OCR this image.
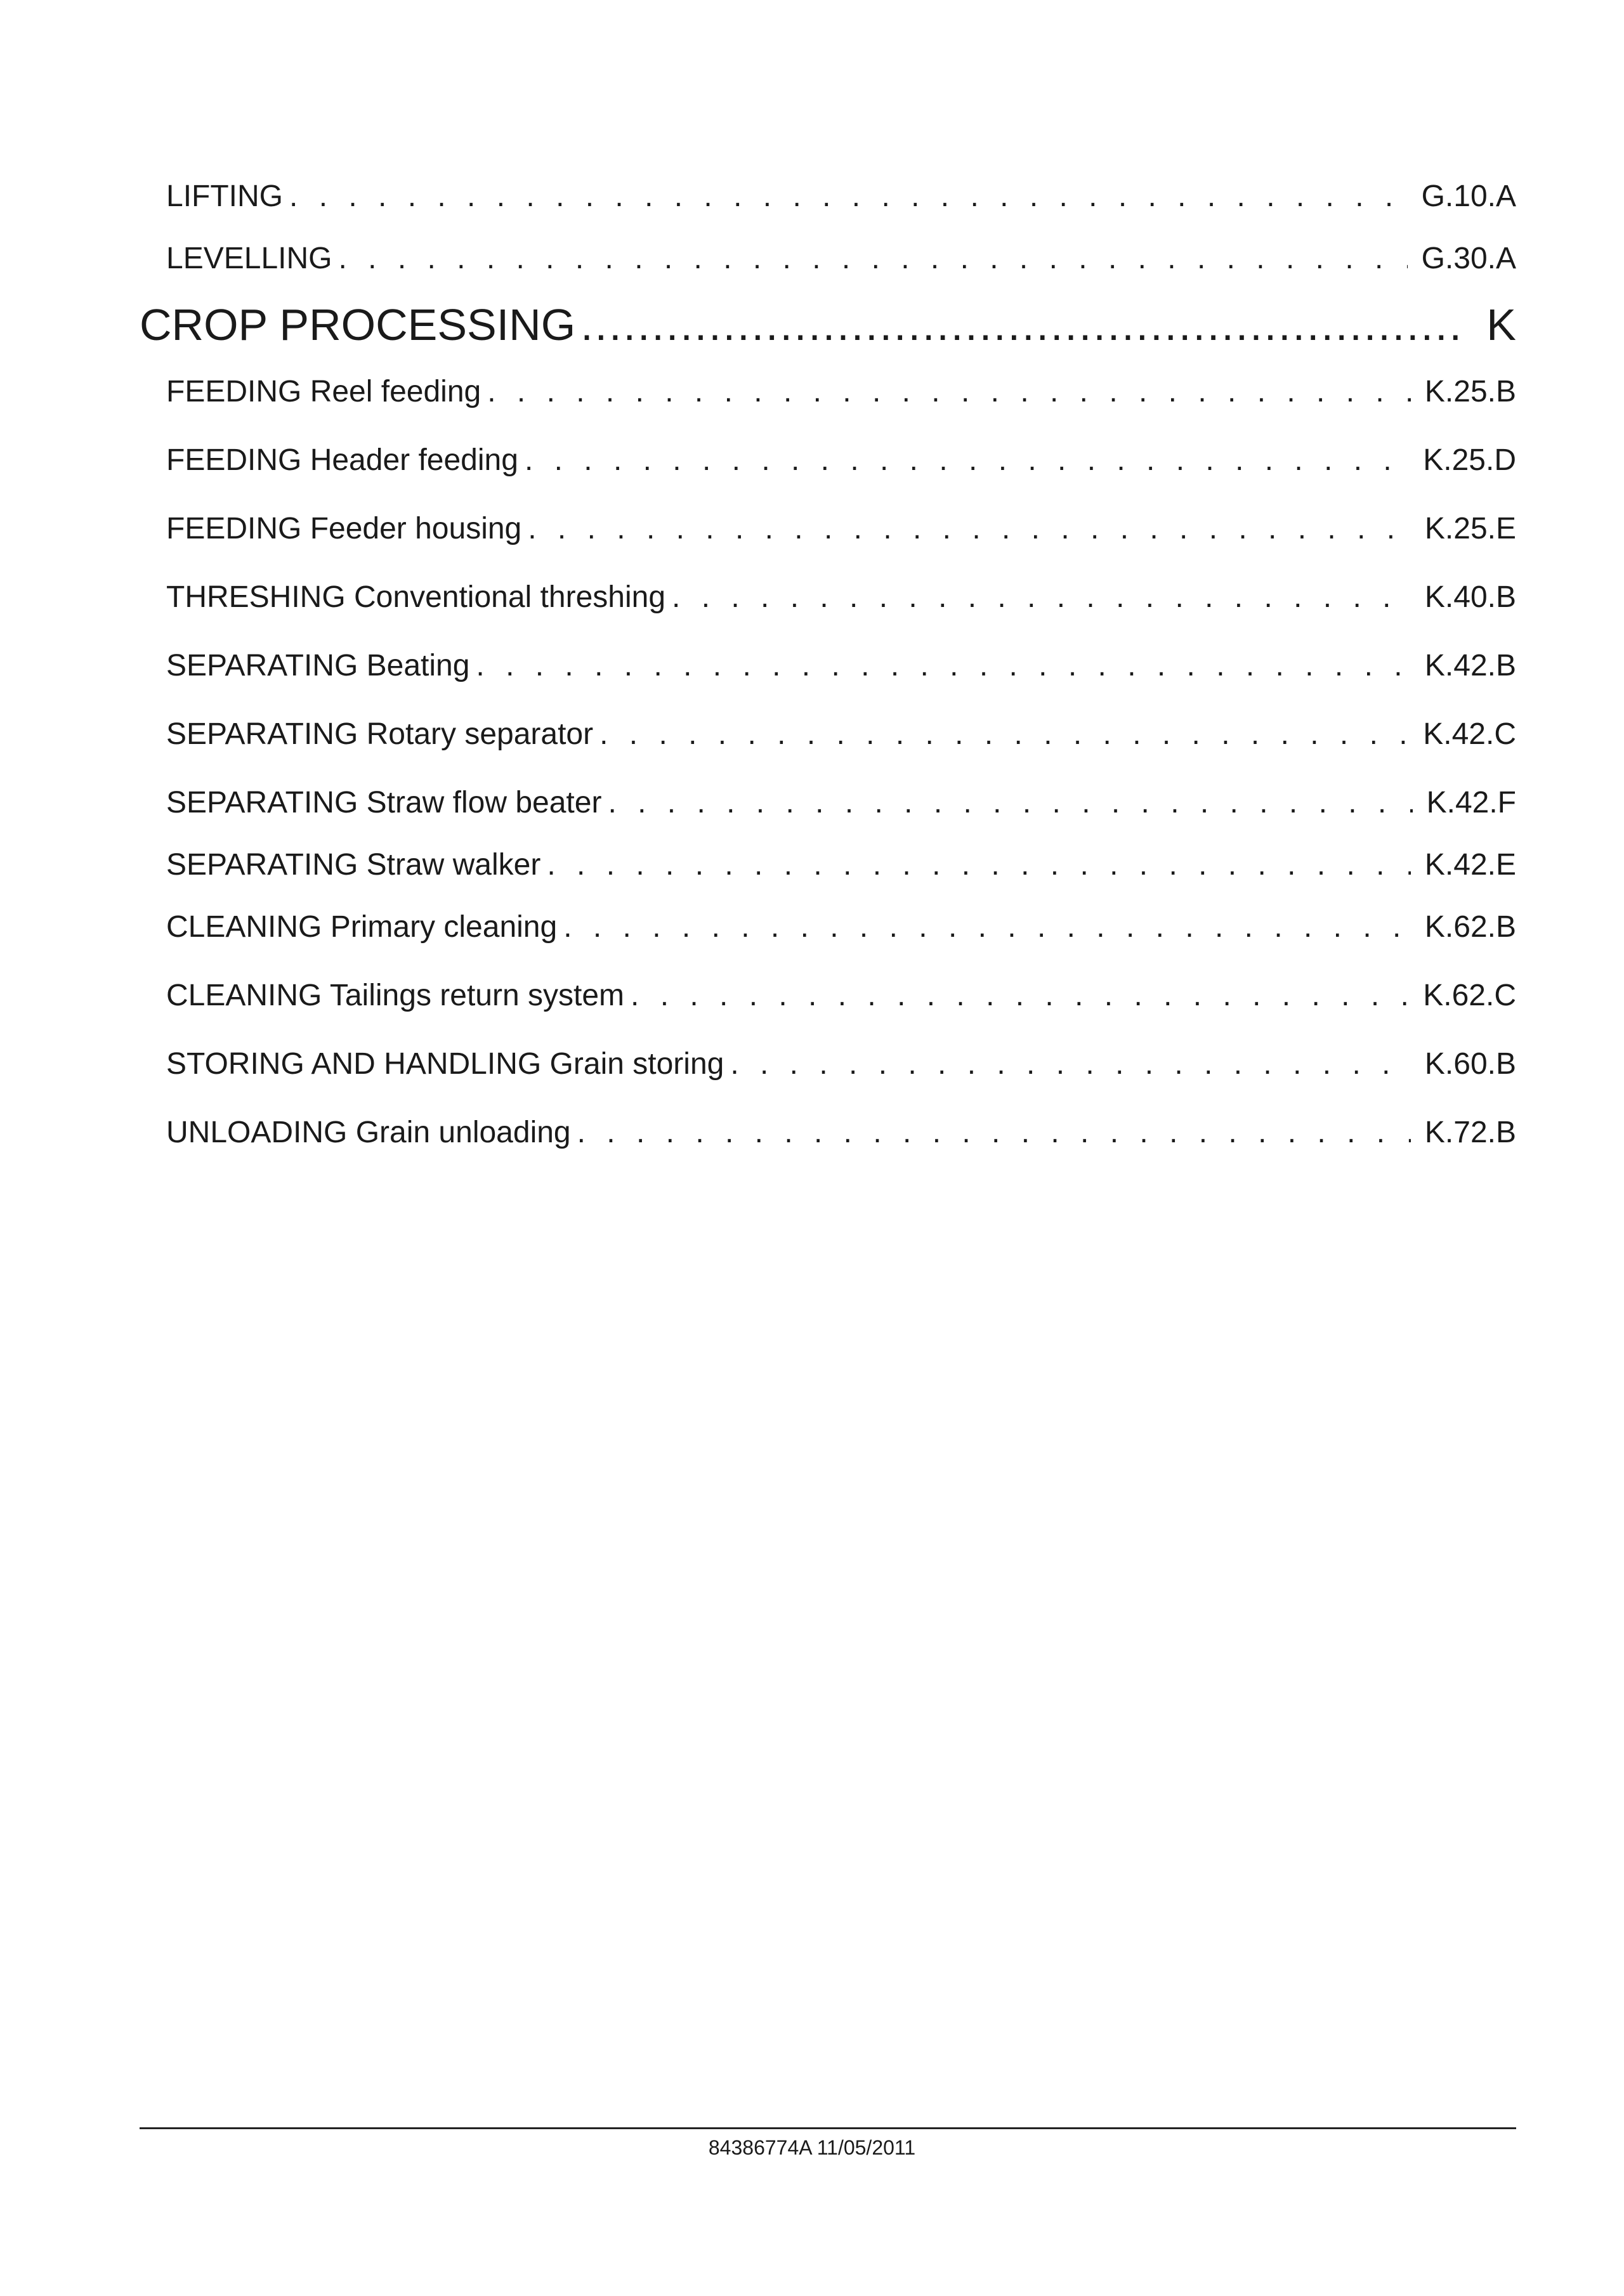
LIFTING . . .	G.10.A
LEVELLING . . .	G.30.A
CROP PROCESSING .....	K
FEEDING Reel feeding . . .	K.25.B
FEEDING Header feeding . . .	K.25.D
FEEDING Feeder housing . . .	K.25.E
THRESHING Conventional threshing . . .	K.40.B
SEPARATING Beating . . .	K.42.B
SEPARATING Rotary separator . . .	K.42.C
SEPARATING Straw flow beater . . .	K.42.F
SEPARATING Straw walker . . .	K.42.E
CLEANING Primary cleaning . . .	K.62.B
CLEANING Tailings return system . . .	K.62.C
STORING AND HANDLING Grain storing . . .	K.60.B
UNLOADING Grain unloading . . .	K.72.B
84386774A 11/05/2011
